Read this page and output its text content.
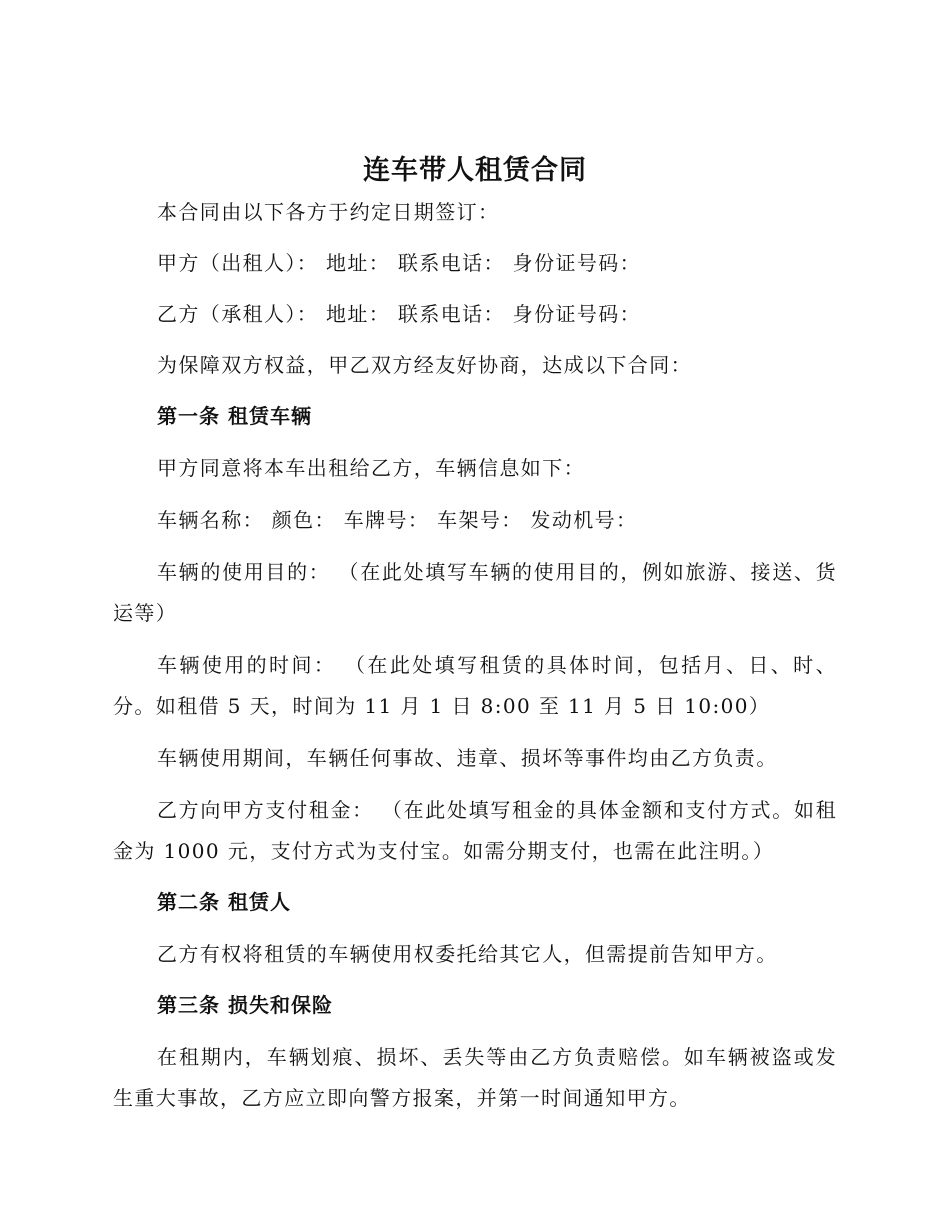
连车带人租赁合同

本合同由以下各方于约定日期签订：

甲方（出租人）： 地址： 联系电话： 身份证号码：

乙方（承租人）： 地址： 联系电话： 身份证号码：

为保障双方权益，甲乙双方经友好协商，达成以下合同：

第一条 租赁车辆

甲方同意将本车出租给乙方，车辆信息如下：

车辆名称： 颜色： 车牌号： 车架号： 发动机号：

车辆的使用目的： （在此处填写车辆的使用目的，例如旅游、接送、货运等）

车辆使用的时间： （在此处填写租赁的具体时间，包括月、日、时、分。如租借 5 天，时间为 11 月 1 日 8:00 至 11 月 5 日 10:00）

车辆使用期间，车辆任何事故、违章、损坏等事件均由乙方负责。

乙方向甲方支付租金： （在此处填写租金的具体金额和支付方式。如租金为 1000 元，支付方式为支付宝。如需分期支付，也需在此注明。）

第二条 租赁人

乙方有权将租赁的车辆使用权委托给其它人，但需提前告知甲方。

第三条 损失和保险

在租期内，车辆划痕、损坏、丢失等由乙方负责赔偿。如车辆被盗或发生重大事故，乙方应立即向警方报案，并第一时间通知甲方。
